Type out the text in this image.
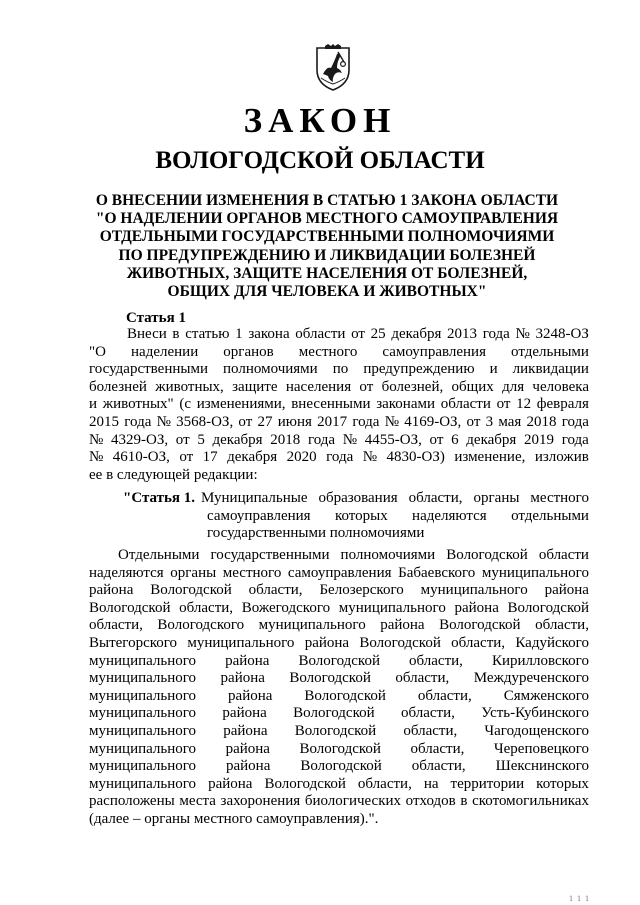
ЗАКОН
ВОЛОГОДСКОЙ ОБЛАСТИ
О ВНЕСЕНИИ ИЗМЕНЕНИЯ В СТАТЬЮ 1 ЗАКОНА ОБЛАСТИ
"О НАДЕЛЕНИИ ОРГАНОВ МЕСТНОГО САМОУПРАВЛЕНИЯ
ОТДЕЛЬНЫМИ ГОСУДАРСТВЕННЫМИ ПОЛНОМОЧИЯМИ
ПО ПРЕДУПРЕЖДЕНИЮ И ЛИКВИДАЦИИ БОЛЕЗНЕЙ
ЖИВОТНЫХ, ЗАЩИТЕ НАСЕЛЕНИЯ ОТ БОЛЕЗНЕЙ,
ОБЩИХ ДЛЯ ЧЕЛОВЕКА И ЖИВОТНЫХ"
Статья 1
Внеси в статью 1 закона области от 25 декабря 2013 года № 3248-ОЗ
"О наделении органов местного самоуправления отдельными
государственными полномочиями по предупреждению и ликвидации
болезней животных, защите населения от болезней, общих для человека
и животных" (с изменениями, внесенными законами области от 12 февраля
2015 года № 3568-ОЗ, от 27 июня 2017 года № 4169-ОЗ, от 3 мая 2018 года
№ 4329-ОЗ, от 5 декабря 2018 года № 4455-ОЗ, от 6 декабря 2019 года
№ 4610-ОЗ, от 17 декабря 2020 года № 4830-ОЗ) изменение, изложив
ее в следующей редакции:
"Статья 1. Муниципальные образования области, органы местного
самоуправления которых наделяются отдельными
государственными полномочиями
Отдельными государственными полномочиями Вологодской области
наделяются органы местного самоуправления Бабаевского муниципального
района Вологодской области, Белозерского муниципального района
Вологодской области, Вожегодского муниципального района Вологодской
области, Вологодского муниципального района Вологодской области,
Вытегорского муниципального района Вологодской области, Кадуйского
муниципального района Вологодской области, Кирилловского
муниципального района Вологодской области, Междуреченского
муниципального района Вологодской области, Сямженского
муниципального района Вологодской области, Усть-Кубинского
муниципального района Вологодской области, Чагодощенского
муниципального района Вологодской области, Череповецкого
муниципального района Вологодской области, Шекснинского
муниципального района Вологодской области, на территории которых
расположены места захоронения биологических отходов в скотомогильниках
(далее – органы местного самоуправления).".
1 1 1
